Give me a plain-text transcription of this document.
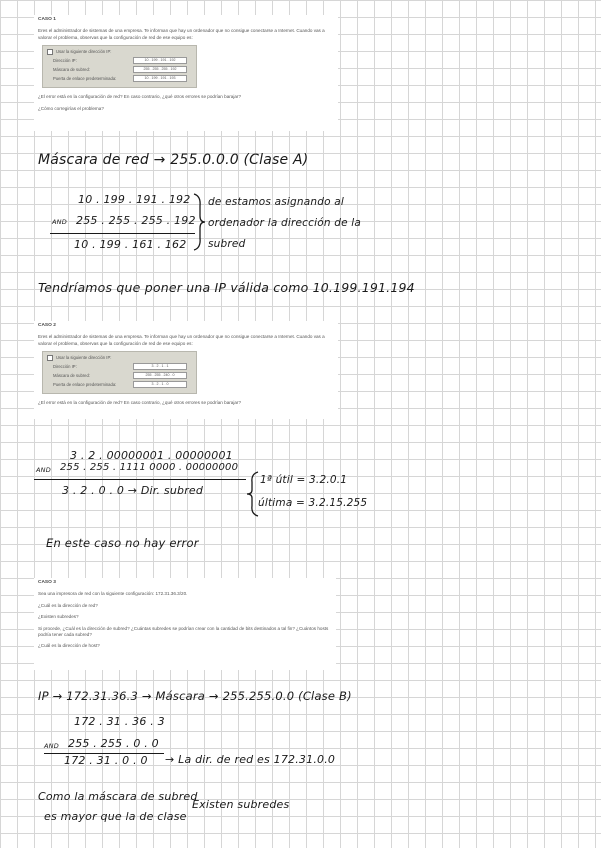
CASO 1

Eres el administrador de sistemas de una empresa. Te informan que hay un ordenador que no consigue conectarse a Internet. Cuando vas a valorar el problema, observas que la configuración de red de ese equipo es:

Usar la siguiente dirección IP:
Dirección IP:	10 . 199 . 191 . 192
Máscara de subred:	255 . 255 . 255 . 192
Puerta de enlace predeterminada:	10 . 199 . 191 . 193

¿El error está en la configuración de red? En caso contrario, ¿qué otros errores se podrían barajar?

¿Cómo corregirías el problema?

Máscara de red → 255.0.0.0 (Clase A)
10 . 199 . 191 . 192
AND 255 . 255 . 255 . 192
10 . 199 . 161 . 162
de estamos asignando al ordenador la dirección de la subred
Tendríamos que poner una IP válida como 10.199.191.194
CASO 2

Eres el administrador de sistemas de una empresa. Te informan que hay un ordenador que no consigue conectarse a Internet. Cuando vas a valorar el problema, observas que la configuración de red de ese equipo es:

Usar la siguiente dirección IP:
Dirección IP:	3 . 2 . 1 . 1
Máscara de subred:	255 . 255 . 240 . 0
Puerta de enlace predeterminada:	3 . 2 . 1 . 0

¿El error está en la configuración de red? En caso contrario, ¿qué otros errores se podrían barajar?

3 . 2 . 00000001 . 00000001
AND 255 . 255 . 1111 0000 . 00000000
3 . 2 . 0 . 0 → Dir. subred
1ª útil = 3.2.0.1
última = 3.2.15.255
En este caso no hay error
CASO 3

Sea una impresora de red con la siguiente configuración: 172.31.36.3/20.

¿Cuál es la dirección de red?

¿Existen subredes?

Si procede, ¿Cuál es la dirección de subred? ¿Cuántas subredes se podrían crear con la cantidad de bits destinados a tal fin? ¿Cuántos hosts podría tener cada subred?

¿Cuál es la dirección de host?

IP → 172.31.36.3 → Máscara → 255.255.0.0 (Clase B)
172 . 31 . 36 . 3
AND 255 . 255 . 0 . 0
172 . 31 . 0 . 0 → La dir. de red es 172.31.0.0
Como la máscara de subred
es mayor que la de clase
Existen subredes
